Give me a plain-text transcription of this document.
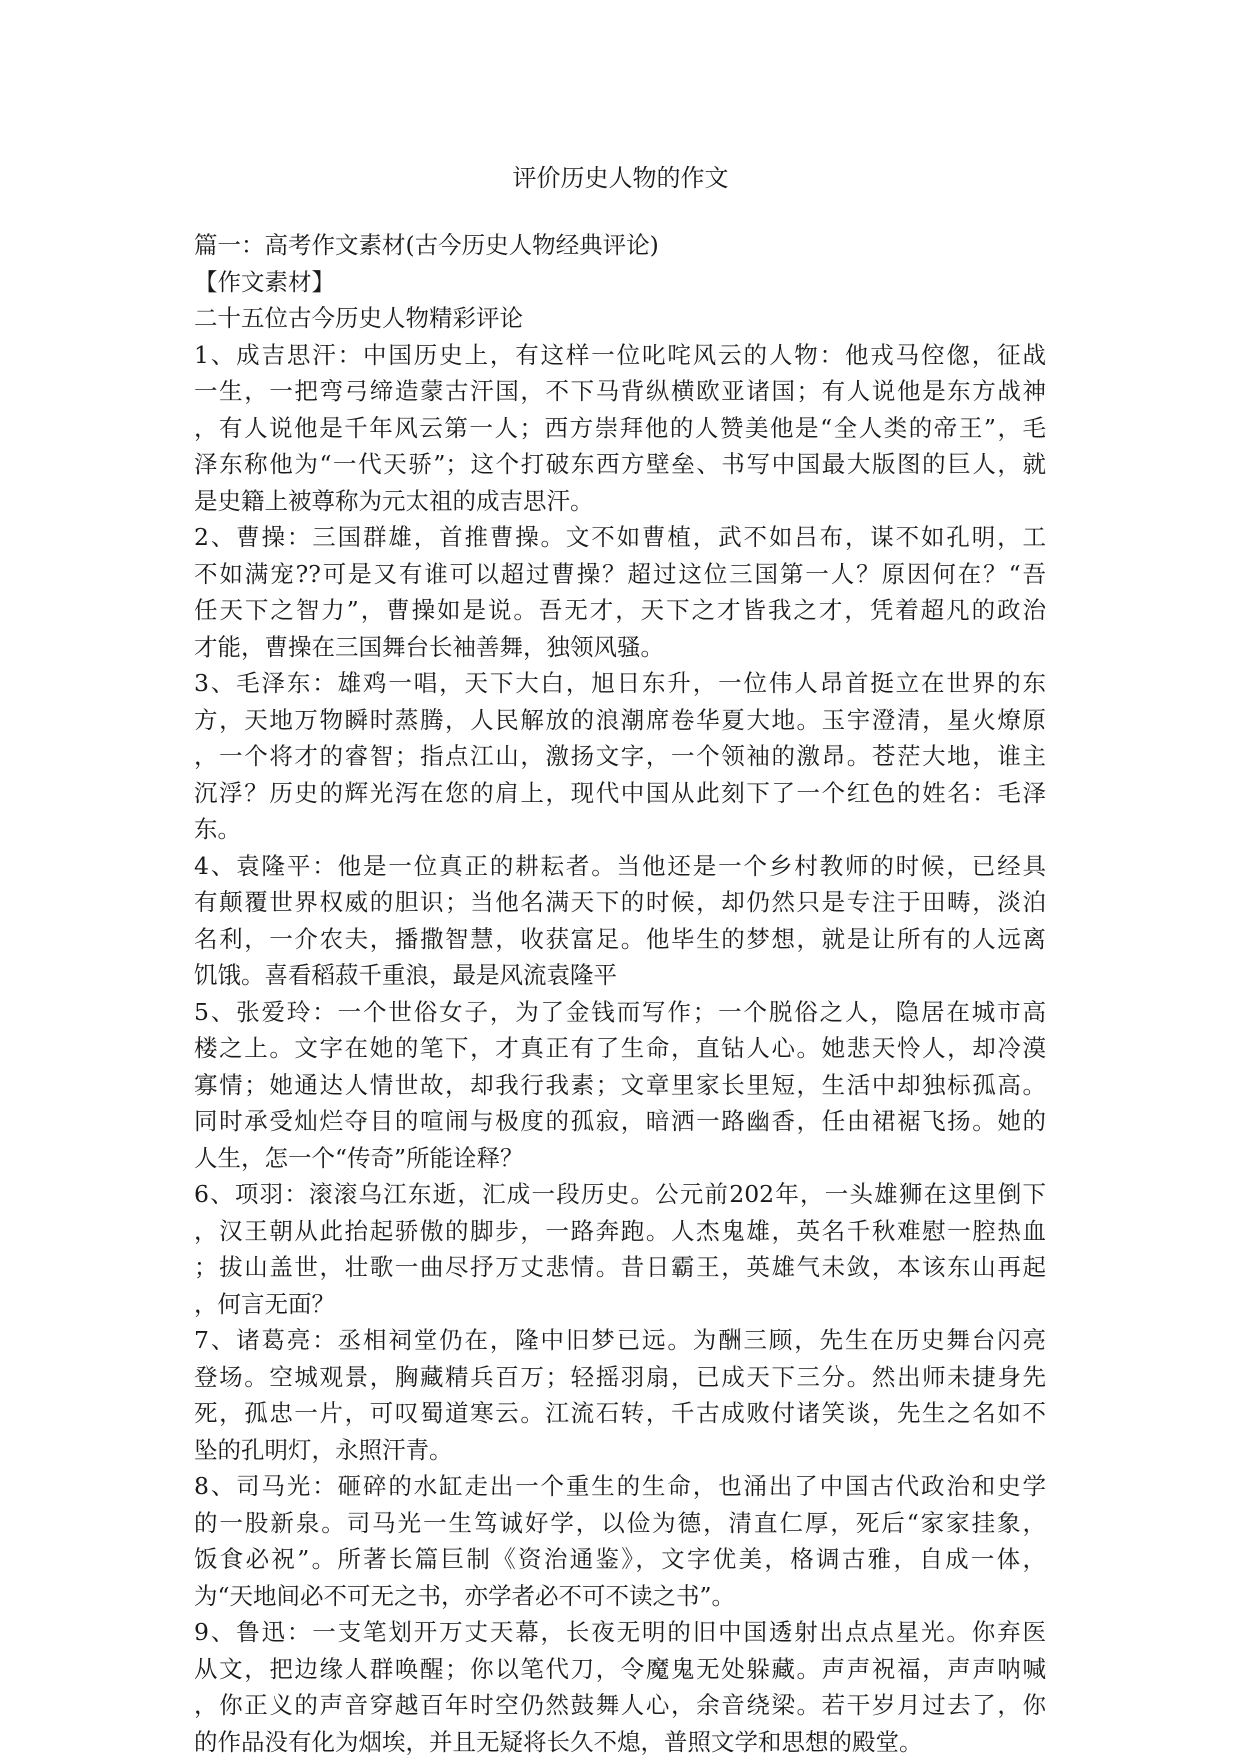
评价历史人物的作文
篇一：高考作文素材(古今历史人物经典评论)
【作文素材】
二十五位古今历史人物精彩评论
1、成吉思汗：中国历史上，有这样一位叱咤风云的人物：他戎马倥偬，征战
一生，一把弯弓缔造蒙古汗国，不下马背纵横欧亚诸国；有人说他是东方战神
，有人说他是千年风云第一人；西方崇拜他的人赞美他是“全人类的帝王”，毛
泽东称他为“一代天骄”；这个打破东西方壁垒、书写中国最大版图的巨人，就
是史籍上被尊称为元太祖的成吉思汗。
2、曹操：三国群雄，首推曹操。文不如曹植，武不如吕布，谋不如孔明，工
不如满宠??可是又有谁可以超过曹操？超过这位三国第一人？原因何在？“吾
任天下之智力”，曹操如是说。吾无才，天下之才皆我之才，凭着超凡的政治
才能，曹操在三国舞台长袖善舞，独领风骚。
3、毛泽东：雄鸡一唱，天下大白，旭日东升，一位伟人昂首挺立在世界的东
方，天地万物瞬时蒸腾，人民解放的浪潮席卷华夏大地。玉宇澄清，星火燎原
，一个将才的睿智；指点江山，激扬文字，一个领袖的激昂。苍茫大地，谁主
沉浮？历史的辉光泻在您的肩上，现代中国从此刻下了一个红色的姓名：毛泽
东。
4、袁隆平：他是一位真正的耕耘者。当他还是一个乡村教师的时候，已经具
有颠覆世界权威的胆识；当他名满天下的时候，却仍然只是专注于田畴，淡泊
名利，一介农夫，播撒智慧，收获富足。他毕生的梦想，就是让所有的人远离
饥饿。喜看稻菽千重浪，最是风流袁隆平
5、张爱玲：一个世俗女子，为了金钱而写作；一个脱俗之人，隐居在城市高
楼之上。文字在她的笔下，才真正有了生命，直钻人心。她悲天怜人，却冷漠
寡情；她通达人情世故，却我行我素；文章里家长里短，生活中却独标孤高。
同时承受灿烂夺目的喧闹与极度的孤寂，暗洒一路幽香，任由裙裾飞扬。她的
人生，怎一个“传奇”所能诠释？
6、项羽：滚滚乌江东逝，汇成一段历史。公元前202年，一头雄狮在这里倒下
，汉王朝从此抬起骄傲的脚步，一路奔跑。人杰鬼雄，英名千秋难慰一腔热血
；拔山盖世，壮歌一曲尽抒万丈悲情。昔日霸王，英雄气未敛，本该东山再起
，何言无面？
7、诸葛亮：丞相祠堂仍在，隆中旧梦已远。为酬三顾，先生在历史舞台闪亮
登场。空城观景，胸藏精兵百万；轻摇羽扇，已成天下三分。然出师未捷身先
死，孤忠一片，可叹蜀道寒云。江流石转，千古成败付诸笑谈，先生之名如不
坠的孔明灯，永照汗青。
8、司马光：砸碎的水缸走出一个重生的生命，也涌出了中国古代政治和史学
的一股新泉。司马光一生笃诚好学，以俭为德，清直仁厚，死后“家家挂象，
饭食必祝”。所著长篇巨制《资治通鉴》，文字优美，格调古雅，自成一体，
为“天地间必不可无之书，亦学者必不可不读之书”。
9、鲁迅：一支笔划开万丈天幕，长夜无明的旧中国透射出点点星光。你弃医
从文，把边缘人群唤醒；你以笔代刀，令魔鬼无处躲藏。声声祝福，声声呐喊
，你正义的声音穿越百年时空仍然鼓舞人心，余音绕梁。若干岁月过去了，你
的作品没有化为烟埃，并且无疑将长久不熄，普照文学和思想的殿堂。
